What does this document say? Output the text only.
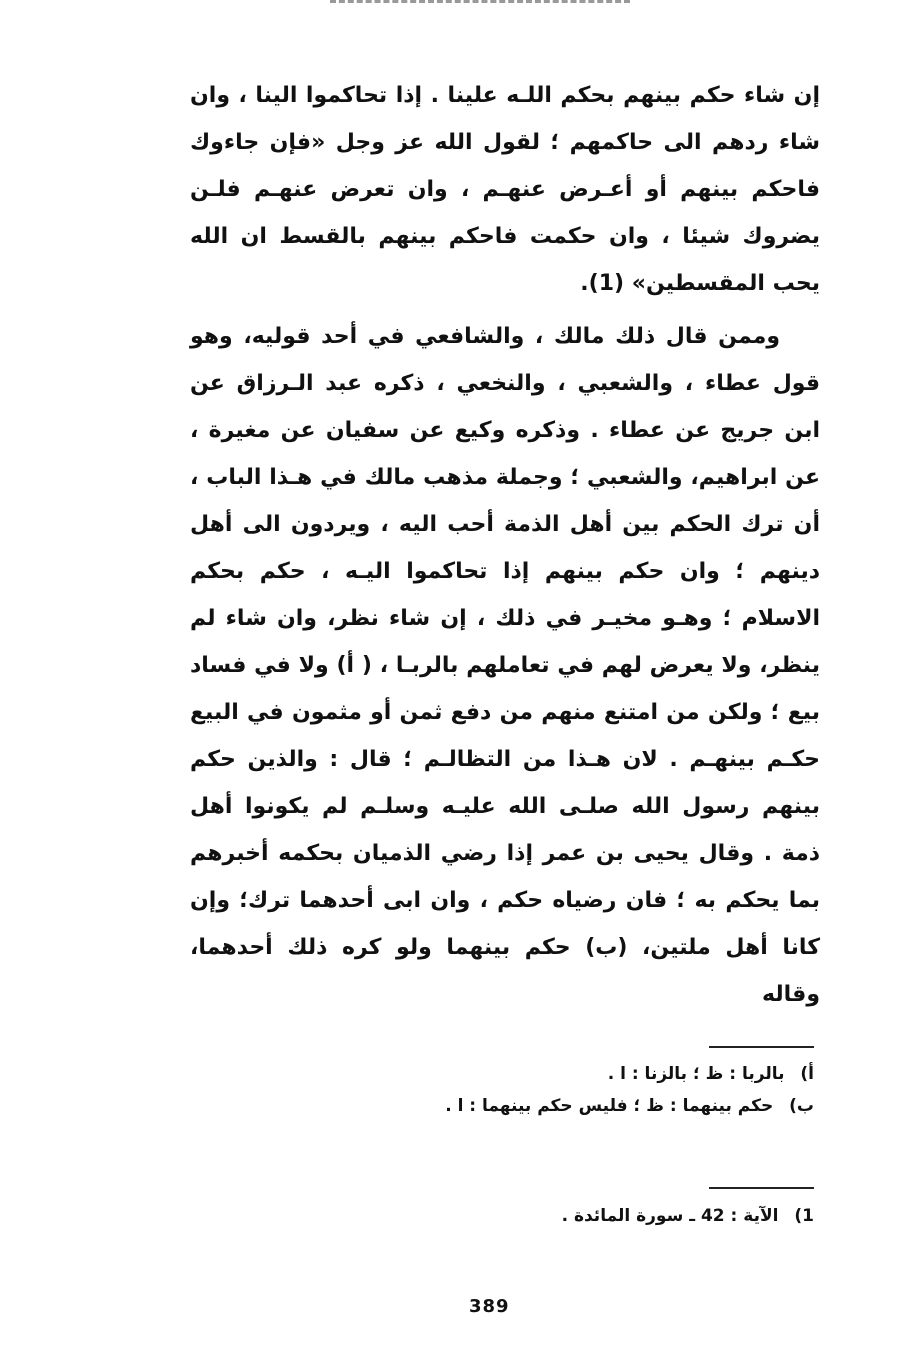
إن شاء حكم بينهم بحكم اللـه علينا . إذا تحاكموا الينا ، وان شاء ردهم الى حاكمهم ؛ لقول الله عز وجل «فإن جاءوك فاحكم بينهم أو أعـرض عنهـم ، وان تعرض عنهـم فلـن يضروك شيئا ، وان حكمت فاحكم بينهم بالقسط ان الله يحب المقسطين» (1).

وممن قال ذلك مالك ، والشافعي في أحد قوليه، وهو قول عطاء ، والشعبي ، والنخعي ، ذكره عبد الـرزاق عن ابن جريج عن عطاء . وذكره وكيع عن سفيان عن مغيرة ، عن ابراهيم، والشعبي ؛ وجملة مذهب مالك في هـذا الباب ، أن ترك الحكم بين أهل الذمة أحب اليه ، ويردون الى أهل دينهم ؛ وان حكم بينهم إذا تحاكموا اليـه ، حكم بحكم الاسلام ؛ وهـو مخيـر في ذلك ، إن شاء نظر، وان شاء لم ينظر، ولا يعرض لهم في تعاملهم بالربـا ، ( أ) ولا في فساد بيع ؛ ولكن من امتنع منهم من دفع ثمن أو مثمون في البيع حكـم بينهـم . لان هـذا من التظالـم ؛ قال : والذين حكم بينهم رسول الله صلـى الله عليـه وسلـم لم يكونوا أهل ذمة . وقال يحيى بن عمر إذا رضي الذميان بحكمه أخبرهم بما يحكم به ؛ فان رضياه حكم ، وان ابى أحدهما ترك؛ وإن كانا أهل ملتين، (ب) حكم بينهما ولو كره ذلك أحدهما، وقاله

أ) بالربا : ظ ؛ بالزنا : ا .
ب) حكم بينهما : ظ ؛ فليس حكم بينهما : ا .
1) الآية : 42 ـ سورة المائدة .
389
